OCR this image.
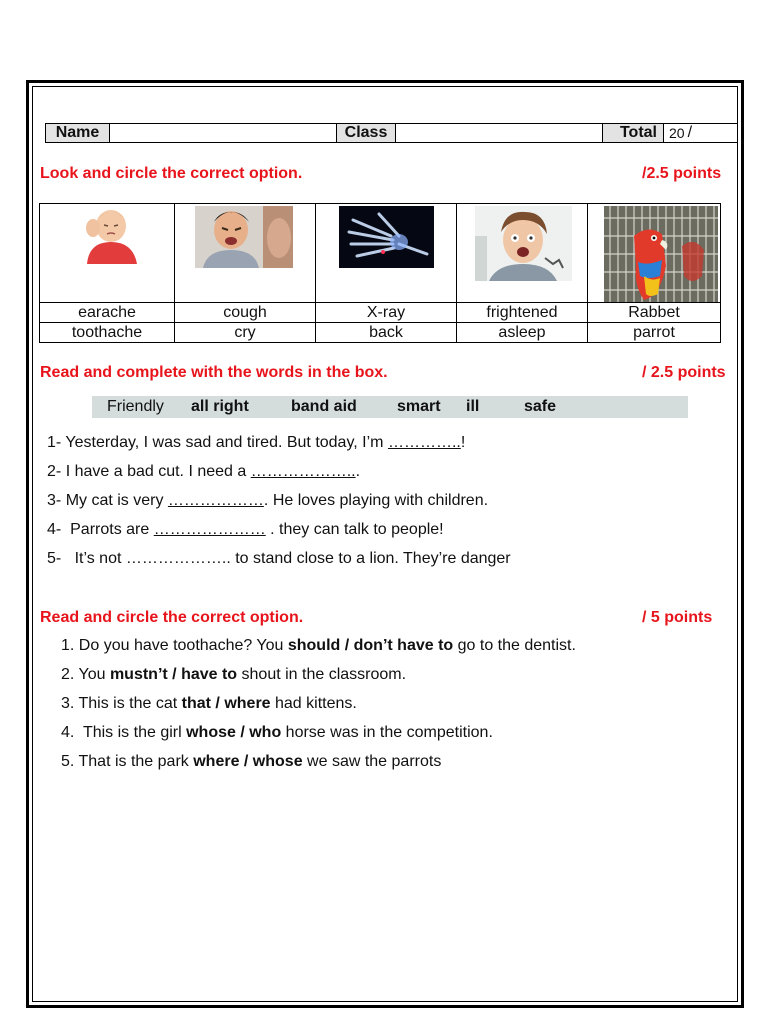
Name	Class	Total 20 /
Look and circle the correct option.	/2.5 points

earache	cough	X-ray	frightened	Rabbet
toothache	cry	back	asleep	parrot
Read and complete with the words in the box.	/ 2.5 points
Friendly all right	band aid	smart ill	safe
1- Yesterday, I was sad and tired. But today, I’m …………..!
2- I have a bad cut. I need a ………………...
3- My cat is very ………………. He loves playing with children.
4-  Parrots are ………………… . they can talk to people!
5-   It’s not ……………….. to stand close to a lion. They’re danger
Read and circle the correct option.	/ 5 points
1. Do you have toothache? You should / don’t have to go to the dentist.
2. You mustn’t / have to shout in the classroom.
3. This is the cat that / where had kittens.
4.  This is the girl whose / who horse was in the competition.
5. That is the park where / whose we saw the parrots
